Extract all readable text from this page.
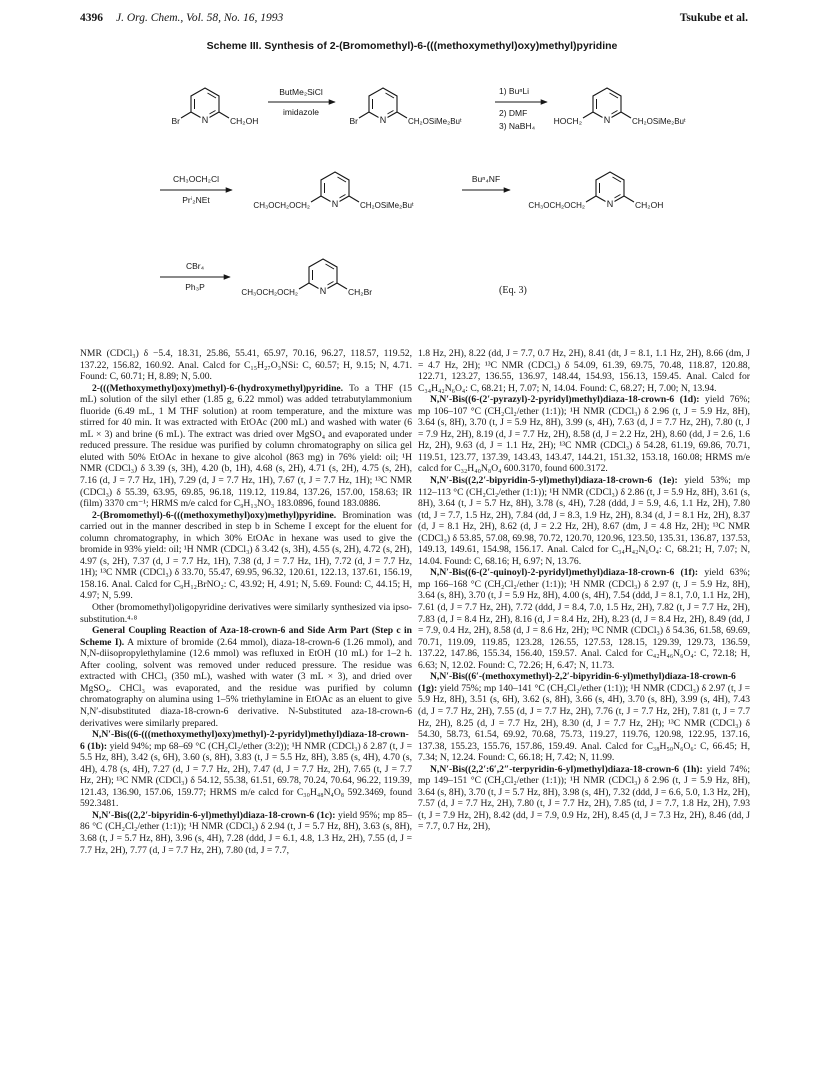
4396 J. Org. Chem., Vol. 58, No. 16, 1993	Tsukube et al.
Scheme III. Synthesis of 2-(Bromomethyl)-6-(((methoxymethyl)oxy)methyl)pyridine
N
Br	CH₂OH
ButMe₂SiCl
imidazole
N
Br	CH₂OSiMe₂Buᵗ
1) BuⁿLi
2) DMF
3) NaBH₄
N
HOCH₂	CH₂OSiMe₂Buᵗ
CH₃OCH₂Cl
Prⁱ₂NEt	N
CH₃OCH₂OCH₂	CH₂OSiMe₂Buᵗ
Buⁿ₄NF
N
CH₃OCH₂OCH₂	CH₂OH
CBr₄
Ph₃P	N
CH₃OCH₂OCH₂	CH₂Br	(Eq. 3)

NMR (CDCl₃) δ −5.4, 18.31, 25.86, 55.41, 65.97, 70.16, 96.27, 118.57, 119.52, 137.22, 156.82, 160.92. Anal. Calcd for C₁₅H₂₇O₃NSi: C, 60.57; H, 9.15; N, 4.71. Found: C, 60.71; H, 8.89; N, 5.00.

2-(((Methoxymethyl)oxy)methyl)-6-(hydroxymethyl)pyridine. To a THF (15 mL) solution of the silyl ether (1.85 g, 6.22 mmol) was added tetrabutylammonium fluoride (6.49 mL, 1 M THF solution) at room temperature, and the mixture was stirred for 40 min. It was extracted with EtOAc (200 mL) and washed with water (6 mL × 3) and brine (6 mL). The extract was dried over MgSO₄ and evaporated under reduced pressure. The residue was purified by column chromatography on silica gel eluted with 50% EtOAc in hexane to give alcohol (863 mg) in 76% yield: oil; ¹H NMR (CDCl₃) δ 3.39 (s, 3H), 4.20 (b, 1H), 4.68 (s, 2H), 4.71 (s, 2H), 4.75 (s, 2H), 7.16 (d, J = 7.7 Hz, 1H), 7.29 (d, J = 7.7 Hz, 1H), 7.67 (t, J = 7.7 Hz, 1H); ¹³C NMR (CDCl₃) δ 55.39, 63.95, 69.85, 96.18, 119.12, 119.84, 137.26, 157.00, 158.63; IR (film) 3370 cm⁻¹; HRMS m/e calcd for C₉H₁₃NO₃ 183.0896, found 183.0886.

2-(Bromomethyl)-6-(((methoxymethyl)oxy)methyl)pyridine. Bromination was carried out in the manner described in step b in Scheme I except for the eluent for column chromatography, in which 30% EtOAc in hexane was used to give the bromide in 93% yield: oil; ¹H NMR (CDCl₃) δ 3.42 (s, 3H), 4.55 (s, 2H), 4.72 (s, 2H), 4.97 (s, 2H), 7.37 (d, J = 7.7 Hz, 1H), 7.38 (d, J = 7.7 Hz, 1H), 7.72 (d, J = 7.7 Hz, 1H); ¹³C NMR (CDCl₃) δ 33.70, 55.47, 69.95, 96.32, 120.61, 122.13, 137.61, 156.19, 158.16. Anal. Calcd for C₉H₁₂BrNO₂: C, 43.92; H, 4.91; N, 5.69. Found: C, 44.15; H, 4.97; N, 5.99.

Other (bromomethyl)oligopyridine derivatives were similarly synthesized via ipso-substitution.⁴·⁸

General Coupling Reaction of Aza-18-crown-6 and Side Arm Part (Step c in Scheme I). A mixture of bromide (2.64 mmol), diaza-18-crown-6 (1.26 mmol), and N,N-diisopropylethylamine (12.6 mmol) was refluxed in EtOH (10 mL) for 1–2 h. After cooling, solvent was removed under reduced pressure. The residue was extracted with CHCl₃ (350 mL), washed with water (3 mL × 3), and dried over MgSO₄. CHCl₃ was evaporated, and the residue was purified by column chromatography on alumina using 1–5% triethylamine in EtOAc as an eluent to give N,N′-disubstituted diaza-18-crown-6 derivative. N-Substituted aza-18-crown-6 derivatives were similarly prepared.

N,N′-Bis((6-(((methoxymethyl)oxy)methyl)-2-pyridyl)methyl)diaza-18-crown-6 (1b): yield 94%; mp 68–69 °C (CH₂Cl₂/ether (3:2)); ¹H NMR (CDCl₃) δ 2.87 (t, J = 5.5 Hz, 8H), 3.42 (s, 6H), 3.60 (s, 8H), 3.83 (t, J = 5.5 Hz, 8H), 3.85 (s, 4H), 4.70 (s, 4H), 4.78 (s, 4H), 7.27 (d, J = 7.7 Hz, 2H), 7.47 (d, J = 7.7 Hz, 2H), 7.65 (t, J = 7.7 Hz, 2H); ¹³C NMR (CDCl₃) δ 54.12, 55.38, 61.51, 69.78, 70.24, 70.64, 96.22, 119.39, 121.43, 136.90, 157.06, 159.77; HRMS m/e calcd for C₃₀H₄₈N₄O₈ 592.3469, found 592.3481.

N,N′-Bis((2,2′-bipyridin-6-yl)methyl)diaza-18-crown-6 (1c): yield 95%; mp 85–86 °C (CH₂Cl₂/ether (1:1)); ¹H NMR (CDCl₃) δ 2.94 (t, J = 5.7 Hz, 8H), 3.63 (s, 8H), 3.68 (t, J = 5.7 Hz, 8H), 3.96 (s, 4H), 7.28 (ddd, J = 6.1, 4.8, 1.3 Hz, 2H), 7.55 (d, J = 7.7 Hz, 2H), 7.77 (d, J = 7.7 Hz, 2H), 7.80 (td, J = 7.7,

1.8 Hz, 2H), 8.22 (dd, J = 7.7, 0.7 Hz, 2H), 8.41 (dt, J = 8.1, 1.1 Hz, 2H), 8.66 (dm, J = 4.7 Hz, 2H); ¹³C NMR (CDCl₃) δ 54.09, 61.39, 69.75, 70.48, 118.87, 120.88, 122.71, 123.27, 136.55, 136.97, 148.44, 154.93, 156.13, 159.45. Anal. Calcd for C₃₄H₄₂N₆O₄: C, 68.21; H, 7.07; N, 14.04. Found: C, 68.27; H, 7.00; N, 13.94.

N,N′-Bis((6-(2′-pyrazyl)-2-pyridyl)methyl)diaza-18-crown-6 (1d): yield 76%; mp 106–107 °C (CH₂Cl₂/ether (1:1)); ¹H NMR (CDCl₃) δ 2.96 (t, J = 5.9 Hz, 8H), 3.64 (s, 8H), 3.70 (t, J = 5.9 Hz, 8H), 3.99 (s, 4H), 7.63 (d, J = 7.7 Hz, 2H), 7.80 (t, J = 7.9 Hz, 2H), 8.19 (d, J = 7.7 Hz, 2H), 8.58 (d, J = 2.2 Hz, 2H), 8.60 (dd, J = 2.6, 1.6 Hz, 2H), 9.63 (d, J = 1.1 Hz, 2H); ¹³C NMR (CDCl₃) δ 54.28, 61.19, 69.86, 70.71, 119.51, 123.77, 137.39, 143.43, 143.47, 144.21, 151.32, 153.18, 160.08; HRMS m/e calcd for C₃₂H₄₀N₈O₄ 600.3170, found 600.3172.

N,N′-Bis((2,2′-bipyridin-5-yl)methyl)diaza-18-crown-6 (1e): yield 53%; mp 112–113 °C (CH₂Cl₂/ether (1:1)); ¹H NMR (CDCl₃) δ 2.86 (t, J = 5.9 Hz, 8H), 3.61 (s, 8H), 3.64 (t, J = 5.7 Hz, 8H), 3.78 (s, 4H), 7.28 (ddd, J = 5.9, 4.6, 1.1 Hz, 2H), 7.80 (td, J = 7.7, 1.5 Hz, 2H), 7.84 (dd, J = 8.3, 1.9 Hz, 2H), 8.34 (d, J = 8.1 Hz, 2H), 8.37 (d, J = 8.1 Hz, 2H), 8.62 (d, J = 2.2 Hz, 2H), 8.67 (dm, J = 4.8 Hz, 2H); ¹³C NMR (CDCl₃) δ 53.85, 57.08, 69.98, 70.72, 120.70, 120.96, 123.50, 135.31, 136.87, 137.53, 149.13, 149.61, 154.98, 156.17. Anal. Calcd for C₃₄H₄₂N₆O₄: C, 68.21; H, 7.07; N, 14.04. Found: C, 68.16; H, 6.97; N, 13.76.

N,N′-Bis((6-(2′-quinoyl)-2-pyridyl)methyl)diaza-18-crown-6 (1f): yield 63%; mp 166–168 °C (CH₂Cl₂/ether (1:1)); ¹H NMR (CDCl₃) δ 2.97 (t, J = 5.9 Hz, 8H), 3.64 (s, 8H), 3.70 (t, J = 5.9 Hz, 8H), 4.00 (s, 4H), 7.54 (ddd, J = 8.1, 7.0, 1.1 Hz, 2H), 7.61 (d, J = 7.7 Hz, 2H), 7.72 (ddd, J = 8.4, 7.0, 1.5 Hz, 2H), 7.82 (t, J = 7.7 Hz, 2H), 7.83 (d, J = 8.4 Hz, 2H), 8.16 (d, J = 8.4 Hz, 2H), 8.23 (d, J = 8.4 Hz, 2H), 8.49 (dd, J = 7.9, 0.4 Hz, 2H), 8.58 (d, J = 8.6 Hz, 2H); ¹³C NMR (CDCl₃) δ 54.36, 61.58, 69.69, 70.71, 119.09, 119.85, 123.28, 126.55, 127.53, 128.15, 129.39, 129.73, 136.59, 137.22, 147.86, 155.34, 156.40, 159.57. Anal. Calcd for C₄₂H₄₆N₆O₄: C, 72.18; H, 6.63; N, 12.02. Found: C, 72.26; H, 6.47; N, 11.73.

N,N′-Bis((6′-(methoxymethyl)-2,2′-bipyridin-6-yl)methyl)diaza-18-crown-6 (1g): yield 75%; mp 140–141 °C (CH₂Cl₂/ether (1:1)); ¹H NMR (CDCl₃) δ 2.97 (t, J = 5.9 Hz, 8H), 3.51 (s, 6H), 3.62 (s, 8H), 3.66 (s, 4H), 3.70 (s, 8H), 3.99 (s, 4H), 7.43 (d, J = 7.7 Hz, 2H), 7.55 (d, J = 7.7 Hz, 2H), 7.76 (t, J = 7.7 Hz, 2H), 7.81 (t, J = 7.7 Hz, 2H), 8.25 (d, J = 7.7 Hz, 2H), 8.30 (d, J = 7.7 Hz, 2H); ¹³C NMR (CDCl₃) δ 54.30, 58.73, 61.54, 69.92, 70.68, 75.73, 119.27, 119.76, 120.98, 122.95, 137.16, 137.38, 155.23, 155.76, 157.86, 159.49. Anal. Calcd for C₃₈H₅₀N₆O₆: C, 66.45; H, 7.34; N, 12.24. Found: C, 66.18; H, 7.42; N, 11.99.

N,N′-Bis((2,2′:6′,2″-terpyridin-6-yl)methyl)diaza-18-crown-6 (1h): yield 74%; mp 149–151 °C (CH₂Cl₂/ether (1:1)); ¹H NMR (CDCl₃) δ 2.96 (t, J = 5.9 Hz, 8H), 3.64 (s, 8H), 3.70 (t, J = 5.7 Hz, 8H), 3.98 (s, 4H), 7.32 (ddd, J = 6.6, 5.0, 1.3 Hz, 2H), 7.57 (d, J = 7.7 Hz, 2H), 7.80 (t, J = 7.7 Hz, 2H), 7.85 (td, J = 7.7, 1.8 Hz, 2H), 7.93 (t, J = 7.9 Hz, 2H), 8.42 (dd, J = 7.9, 0.9 Hz, 2H), 8.45 (d, J = 7.3 Hz, 2H), 8.46 (dd, J = 7.7, 0.7 Hz, 2H),
